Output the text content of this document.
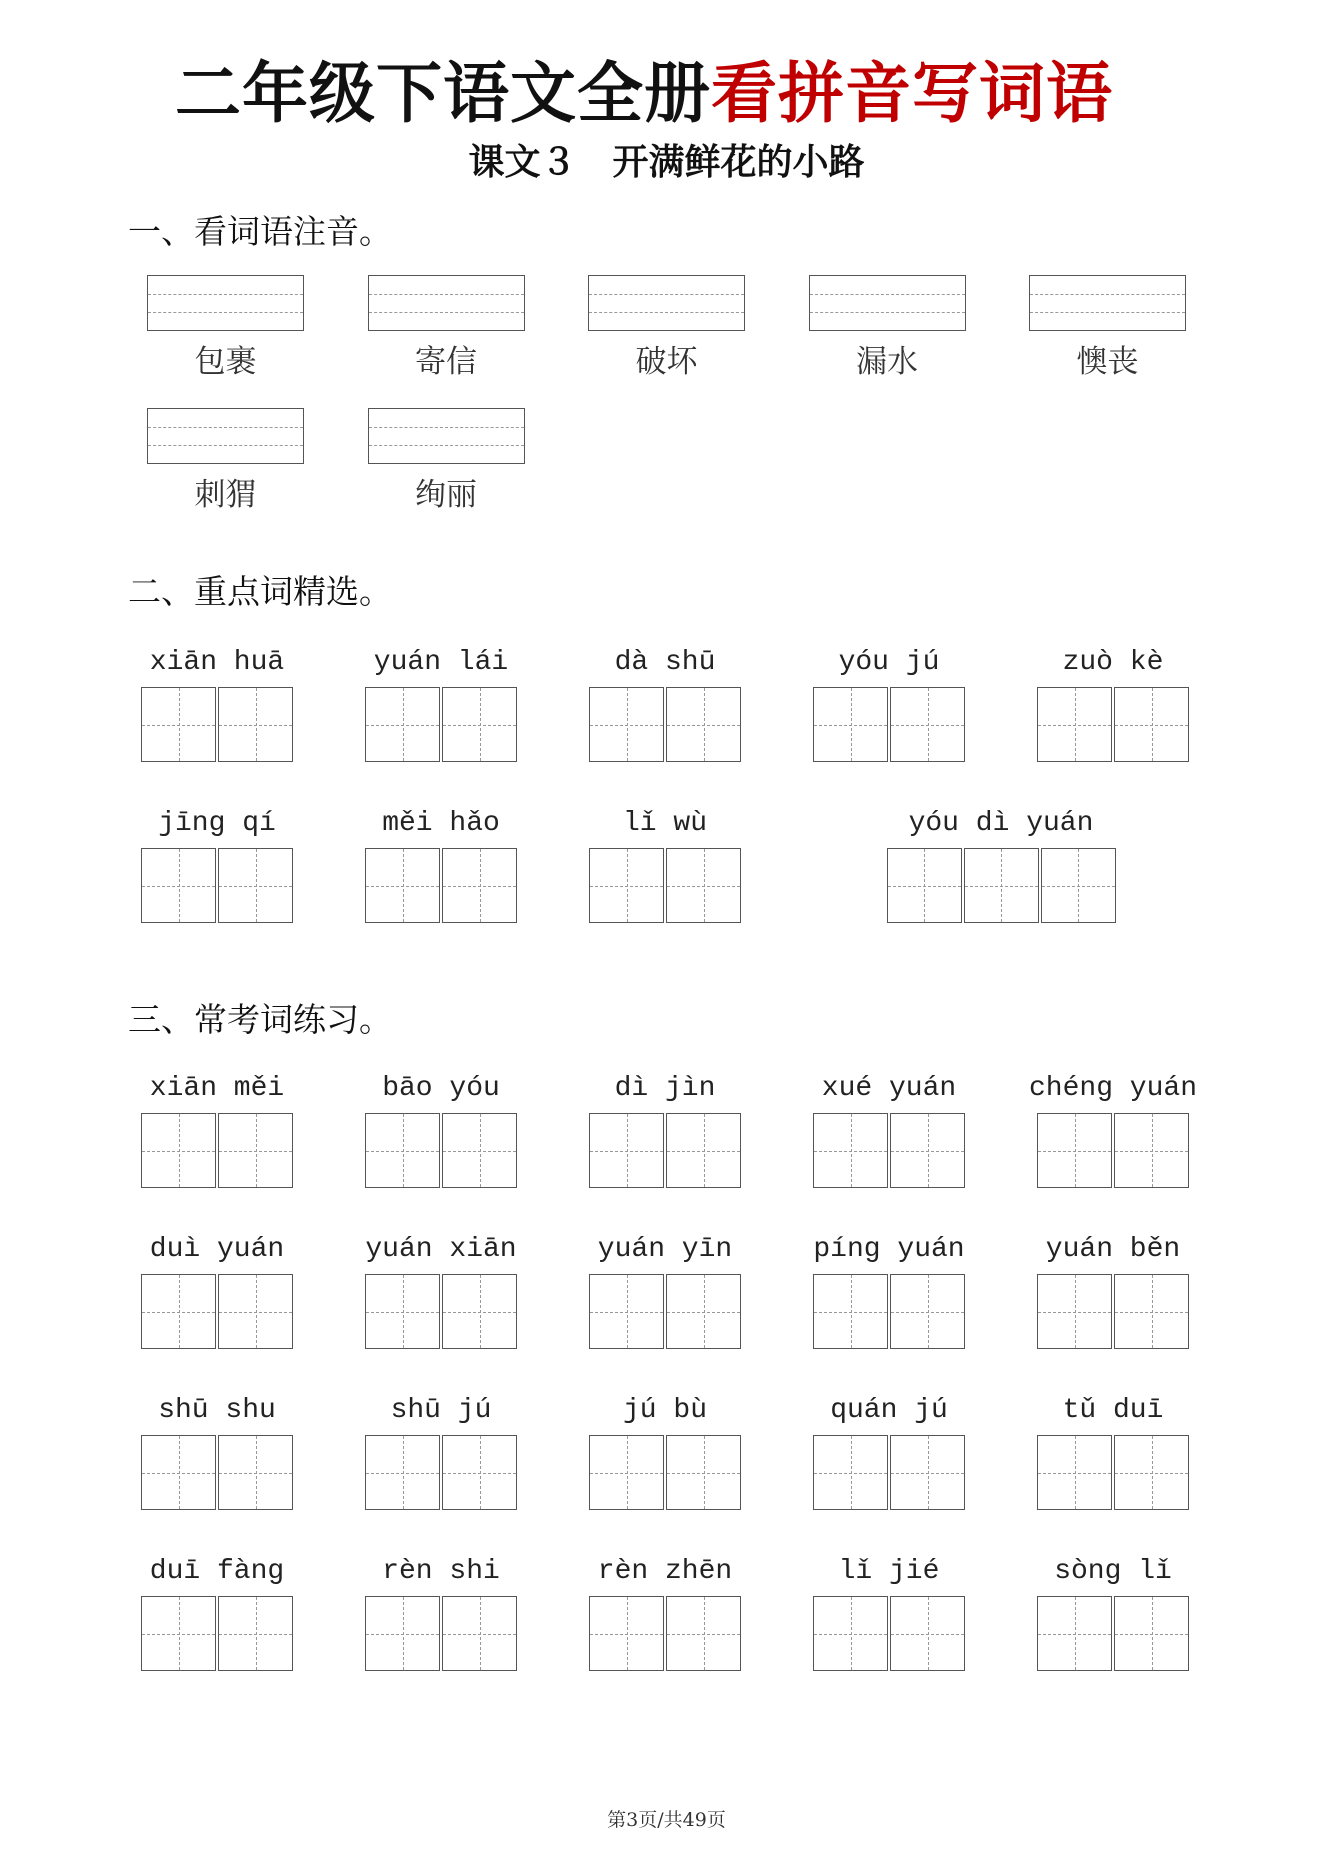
二年级下语文全册看拼音写词语
课文３　开满鲜花的小路
一、看词语注音。
包裹	寄信	破坏	漏水	懊丧
刺猬	绚丽
二、重点词精选。
xiān huā	yuán lái	dà shū	yóu jú	zuò kè
jīng qí	měi hǎo	lǐ wù	yóu dì yuán
三、常考词练习。
xiān měi	bāo yóu	dì jìn	xué yuán	chéng yuán
duì yuán	yuán xiān	yuán yīn	píng yuán	yuán běn
shū shu	shū jú	jú bù	quán jú	tǔ duī
duī fàng	rèn shi	rèn zhēn	lǐ jié	sòng lǐ
第3页/共49页
